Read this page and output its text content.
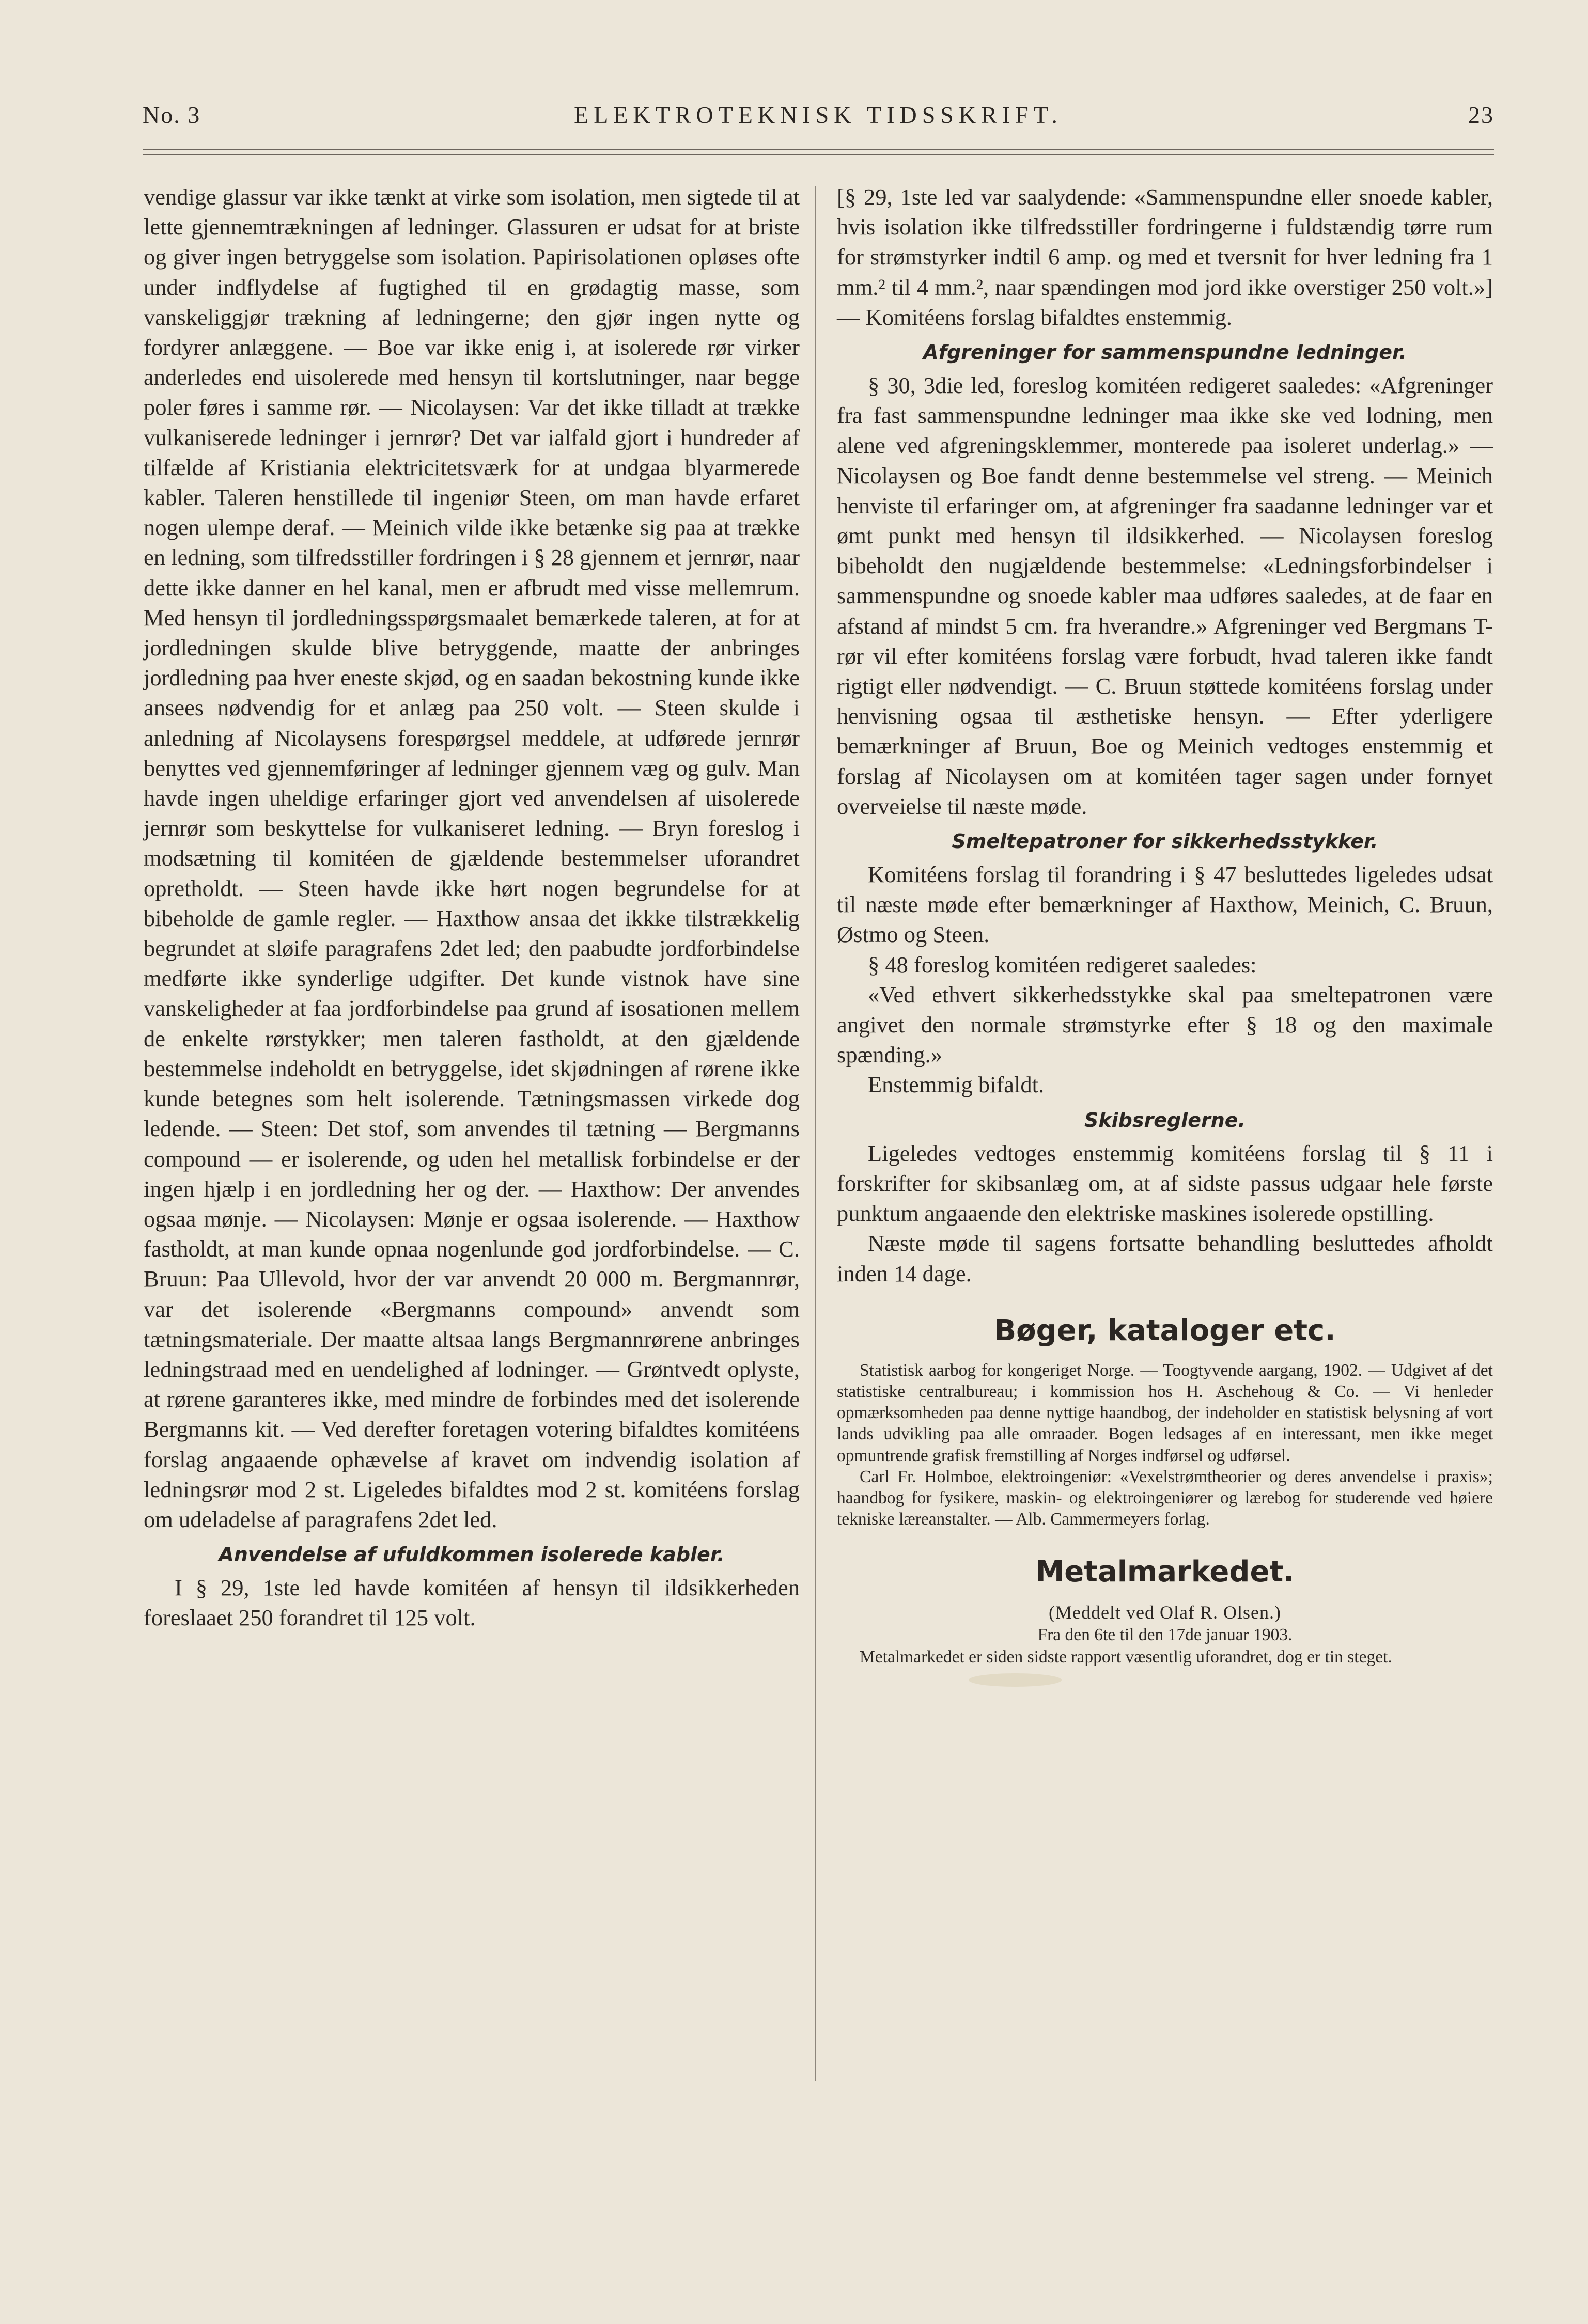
No. 3	ELEKTROTEKNISK TIDSSKRIFT.	23

vendige glassur var ikke tænkt at virke som isolation, men sigtede til at lette gjennemtrækningen af ledninger. Glassuren er udsat for at briste og giver ingen betryggelse som isolation. Papirisolationen opløses ofte under indflydelse af fugtighed til en grødagtig masse, som vanskeliggjør trækning af ledningerne; den gjør ingen nytte og fordyrer anlæggene. — Boe var ikke enig i, at isolerede rør virker anderledes end uisolerede med hensyn til kortslutninger, naar begge poler føres i samme rør. — Nicolaysen: Var det ikke tilladt at trække vulkaniserede ledninger i jernrør? Det var ialfald gjort i hundreder af tilfælde af Kristiania elektricitetsværk for at undgaa blyarmerede kabler. Taleren henstillede til ingeniør Steen, om man havde erfaret nogen ulempe deraf. — Meinich vilde ikke betænke sig paa at trække en ledning, som tilfredsstiller fordringen i § 28 gjennem et jernrør, naar dette ikke danner en hel kanal, men er afbrudt med visse mellemrum. Med hensyn til jordledningsspørgsmaalet bemærkede taleren, at for at jordledningen skulde blive betryggende, maatte der anbringes jordledning paa hver eneste skjød, og en saadan bekostning kunde ikke ansees nødvendig for et anlæg paa 250 volt. — Steen skulde i anledning af Nicolaysens forespørgsel meddele, at udførede jernrør benyttes ved gjennemføringer af ledninger gjennem væg og gulv. Man havde ingen uheldige erfaringer gjort ved anvendelsen af uisolerede jernrør som beskyttelse for vulkaniseret ledning. — Bryn foreslog i modsætning til komitéen de gjældende bestemmelser uforandret opretholdt. — Steen havde ikke hørt nogen begrundelse for at bibeholde de gamle regler. — Haxthow ansaa det ikkke tilstrækkelig begrundet at sløife paragrafens 2det led; den paabudte jordforbindelse medførte ikke synderlige udgifter. Det kunde vistnok have sine vanskeligheder at faa jordforbindelse paa grund af isosationen mellem de enkelte rørstykker; men taleren fastholdt, at den gjældende bestemmelse indeholdt en betryggelse, idet skjødningen af rørene ikke kunde betegnes som helt isolerende. Tætningsmassen virkede dog ledende. — Steen: Det stof, som anvendes til tætning — Bergmanns compound — er isolerende, og uden hel metallisk forbindelse er der ingen hjælp i en jordledning her og der. — Haxthow: Der anvendes ogsaa mønje. — Nicolaysen: Mønje er ogsaa isolerende. — Haxthow fastholdt, at man kunde opnaa nogenlunde god jordforbindelse. — C. Bruun: Paa Ullevold, hvor der var anvendt 20 000 m. Bergmannrør, var det isolerende «Bergmanns compound» anvendt som tætningsmateriale. Der maatte altsaa langs Bergmannrørene anbringes ledningstraad med en uendelighed af lodninger. — Grøntvedt oplyste, at rørene garanteres ikke, med mindre de forbindes med det isolerende Bergmanns kit. — Ved derefter foretagen votering bifaldtes komitéens forslag angaaende ophævelse af kravet om indvendig isolation af ledningsrør mod 2 st. Ligeledes bifaldtes mod 2 st. komitéens forslag om udeladelse af paragrafens 2det led.

Anvendelse af ufuldkommen isolerede kabler.

I § 29, 1ste led havde komitéen af hensyn til ildsikkerheden foreslaaet 250 forandret til 125 volt.

[§ 29, 1ste led var saalydende: «Sammenspundne eller snoede kabler, hvis isolation ikke tilfredsstiller fordringerne i fuldstændig tørre rum for strømstyrker indtil 6 amp. og med et tversnit for hver ledning fra 1 mm.² til 4 mm.², naar spændingen mod jord ikke overstiger 250 volt.»] — Komitéens forslag bifaldtes enstemmig.

Afgreninger for sammenspundne ledninger.

§ 30, 3die led, foreslog komitéen redigeret saaledes: «Afgreninger fra fast sammenspundne ledninger maa ikke ske ved lodning, men alene ved afgreningsklemmer, monterede paa isoleret underlag.» — Nicolaysen og Boe fandt denne bestemmelse vel streng. — Meinich henviste til erfaringer om, at afgreninger fra saadanne ledninger var et ømt punkt med hensyn til ildsikkerhed. — Nicolaysen foreslog bibeholdt den nugjældende bestemmelse: «Ledningsforbindelser i sammenspundne og snoede kabler maa udføres saaledes, at de faar en afstand af mindst 5 cm. fra hverandre.» Afgreninger ved Bergmans T-rør vil efter komitéens forslag være forbudt, hvad taleren ikke fandt rigtigt eller nødvendigt. — C. Bruun støttede komitéens forslag under henvisning ogsaa til æsthetiske hensyn. — Efter yderligere bemærkninger af Bruun, Boe og Meinich vedtoges enstemmig et forslag af Nicolaysen om at komitéen tager sagen under fornyet overveielse til næste møde.

Smeltepatroner for sikkerhedsstykker.

Komitéens forslag til forandring i § 47 besluttedes ligeledes udsat til næste møde efter bemærkninger af Haxthow, Meinich, C. Bruun, Østmo og Steen.

§ 48 foreslog komitéen redigeret saaledes:

«Ved ethvert sikkerhedsstykke skal paa smeltepatronen være angivet den normale strømstyrke efter § 18 og den maximale spænding.»

Enstemmig bifaldt.

Skibsreglerne.

Ligeledes vedtoges enstemmig komitéens forslag til § 11 i forskrifter for skibsanlæg om, at af sidste passus udgaar hele første punktum angaaende den elektriske maskines isolerede opstilling.

Næste møde til sagens fortsatte behandling besluttedes afholdt inden 14 dage.

Bøger, kataloger etc.

Statistisk aarbog for kongeriget Norge. — Toogtyvende aargang, 1902. — Udgivet af det statistiske centralbureau; i kommission hos H. Aschehoug & Co. — Vi henleder opmærksomheden paa denne nyttige haandbog, der indeholder en statistisk belysning af vort lands udvikling paa alle omraader. Bogen ledsages af en interessant, men ikke meget opmuntrende grafisk fremstilling af Norges indførsel og udførsel.

Carl Fr. Holmboe, elektroingeniør: «Vexelstrømtheorier og deres anvendelse i praxis»; haandbog for fysikere, maskin- og elektroingeniører og lærebog for studerende ved høiere tekniske læreanstalter. — Alb. Cammermeyers forlag.

Metalmarkedet.
(Meddelt ved Olaf R. Olsen.)
Fra den 6te til den 17de januar 1903.

Metalmarkedet er siden sidste rapport væsentlig uforandret, dog er tin steget.
